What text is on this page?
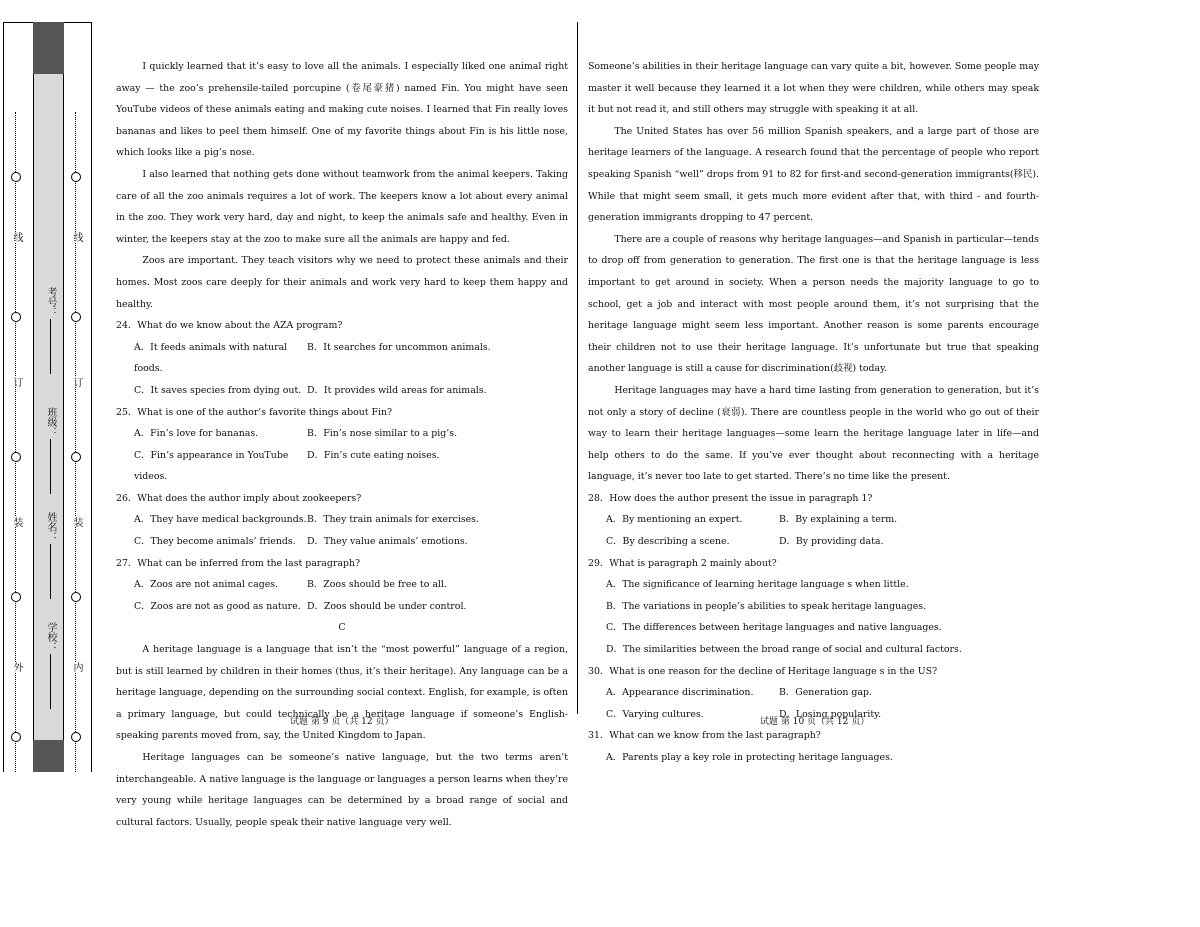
线
订
装
外
考号：
班级：
姓名：
学校：
线
订
装
内

I quickly learned that it’s easy to love all the animals. I especially liked one animal right away — the zoo’s prehensile-tailed porcupine (卷尾豪猪) named Fin. You might have seen YouTube videos of these animals eating and making cute noises. I learned that Fin really loves bananas and likes to peel them himself. One of my favorite things about Fin is his little nose, which looks like a pig’s nose.

I also learned that nothing gets done without teamwork from the animal keepers. Taking care of all the zoo animals requires a lot of work. The keepers know a lot about every animal in the zoo. They work very hard, day and night, to keep the animals safe and healthy. Even in winter, the keepers stay at the zoo to make sure all the animals are happy and fed.

Zoos are important. They teach visitors why we need to protect these animals and their homes. Most zoos care deeply for their animals and work very hard to keep them happy and healthy.

24．What do we know about the AZA program?
A．It feeds animals with natural foods.
B．It searches for uncommon animals.
C．It saves species from dying out. D．It provides wild areas for animals.
25．What is one of the author’s favorite things about Fin?
A．Fin’s love for bananas.	B．Fin’s nose similar to a pig’s.
C．Fin’s appearance in YouTube videos.
D．Fin’s cute eating noises.
26．What does the author imply about zookeepers?
A．They have medical backgrounds. B．They train animals for exercises.
C．They become animals’ friends.	D．They value animals’ emotions.
27．What can be inferred from the last paragraph?
A．Zoos are not animal cages.	B．Zoos should be free to all.
C．Zoos are not as good as nature. D．Zoos should be under control.
C

A heritage language is a language that isn’t the “most powerful” language of a region, but is still learned by children in their homes (thus, it’s their heritage). Any language can be a heritage language, depending on the surrounding social context. English, for example, is often a primary language, but could technically be a heritage language if someone’s English-speaking parents moved from, say, the United Kingdom to Japan.

Heritage languages can be someone’s native language, but the two terms aren’t interchangeable. A native language is the language or languages a person learns when they’re very young while heritage languages can be determined by a broad range of social and cultural factors. Usually, people speak their native language very well.

Someone’s abilities in their heritage language can vary quite a bit, however. Some people may master it well because they learned it a lot when they were children, while others may speak it but not read it, and still others may struggle with speaking it at all.

The United States has over 56 million Spanish speakers, and a large part of those are heritage learners of the language. A research found that the percentage of people who report speaking Spanish “well” drops from 91 to 82 for first-and second-generation immigrants(移民). While that might seem small, it gets much more evident after that, with third - and fourth-generation immigrants dropping to 47 percent.

There are a couple of reasons why heritage languages—and Spanish in particular—tends to drop off from generation to generation. The first one is that the heritage language is less important to get around in society. When a person needs the majority language to go to school, get a job and interact with most people around them, it’s not surprising that the heritage language might seem less important. Another reason is some parents encourage their children not to use their heritage language. It’s unfortunate but true that speaking another language is still a cause for discrimination(歧视) today.

Heritage languages may have a hard time lasting from generation to generation, but it’s not only a story of decline (衰弱). There are countless people in the world who go out of their way to learn their heritage languages—some learn the heritage language later in life—and help others to do the same. If you’ve ever thought about reconnecting with a heritage language, it’s never too late to get started. There’s no time like the present.

28．How does the author present the issue in paragraph 1?
A．By mentioning an expert.	B．By explaining a term.
C．By describing a scene.	D．By providing data.
29．What is paragraph 2 mainly about?
A．The significance of learning heritage language s when little.
B．The variations in people’s abilities to speak heritage languages.
C．The differences between heritage languages and native languages.
D．The similarities between the broad range of social and cultural factors.
30．What is one reason for the decline of Heritage language s in the US?
A．Appearance discrimination.	B．Generation gap.
C．Varying cultures.	D．Losing popularity.
31．What can we know from the last paragraph?
A．Parents play a key role in protecting heritage languages.
试题 第 9 页（共 12 页）	试题 第 10 页（共 12 页）
